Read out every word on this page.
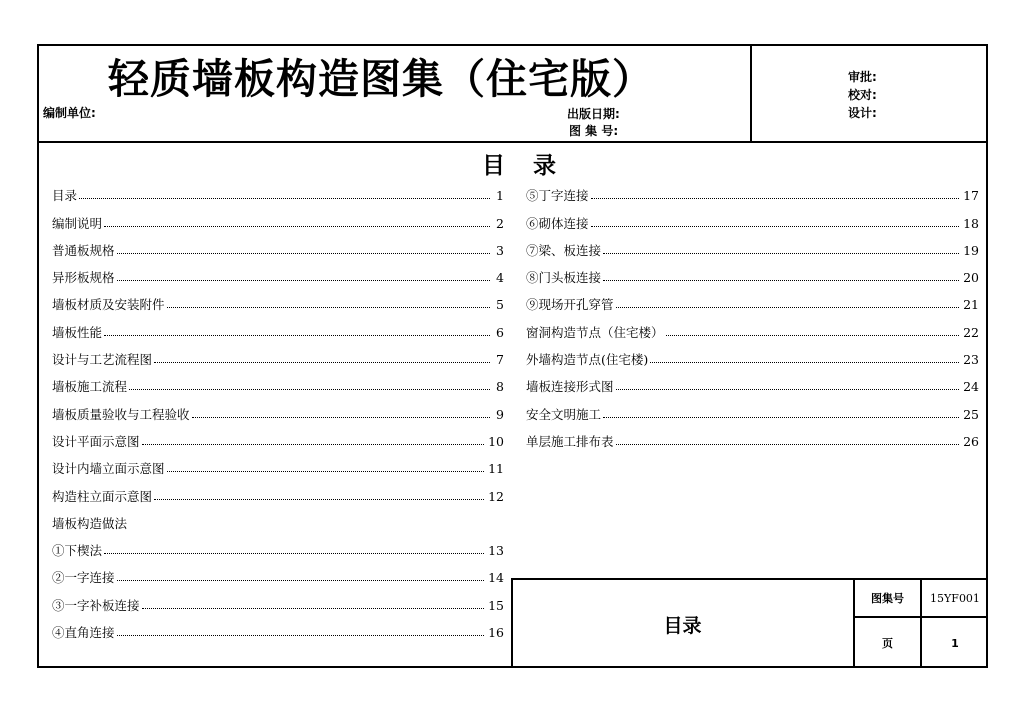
轻质墙板构造图集（住宅版）
编制单位:	出版日期:
图 集 号:
审批:
校对:
设计:
目 录
目录	1
编制说明	2
普通板规格	3
异形板规格	4
墙板材质及安装附件	5
墙板性能	6
设计与工艺流程图	7
墙板施工流程	8
墙板质量验收与工程验收	9
设计平面示意图	10
设计内墙立面示意图	11
构造柱立面示意图	12
墙板构造做法
①下楔法	13
②一字连接	14
③一字补板连接	15
④直角连接	16
⑤丁字连接	17
⑥砌体连接	18
⑦梁、板连接	19
⑧门头板连接	20
⑨现场开孔穿管	21
窗洞构造节点（住宅楼）	22
外墙构造节点(住宅楼)	23
墙板连接形式图	24
安全文明施工	25
单层施工排布表	26
目录
图集号	15YF001
页	1
